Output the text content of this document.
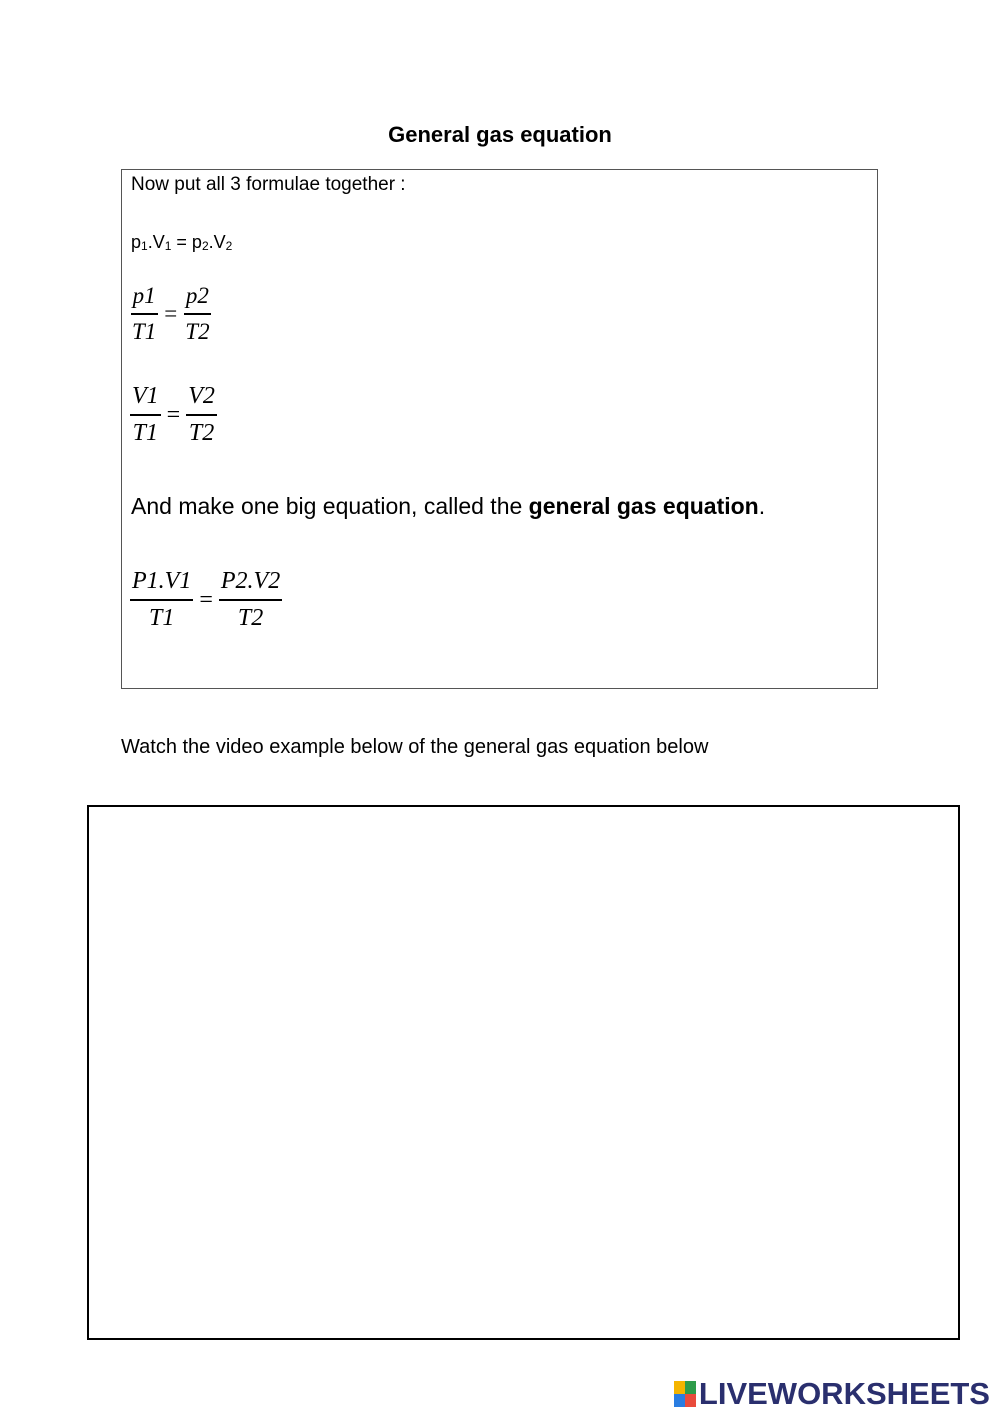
General gas equation
Now put all 3 formulae together :
$p_1.V_1 = p_2.V_2$
$\frac{p1}{T1} = \frac{p2}{T2}$
$\frac{V1}{T1} = \frac{V2}{T2}$
And make one big equation, called the general gas equation.
$\frac{P1.V1}{T1} = \frac{P2.V2}{T2}$
Watch the video example below of the general gas equation below
LIVEWORKSHEETS
